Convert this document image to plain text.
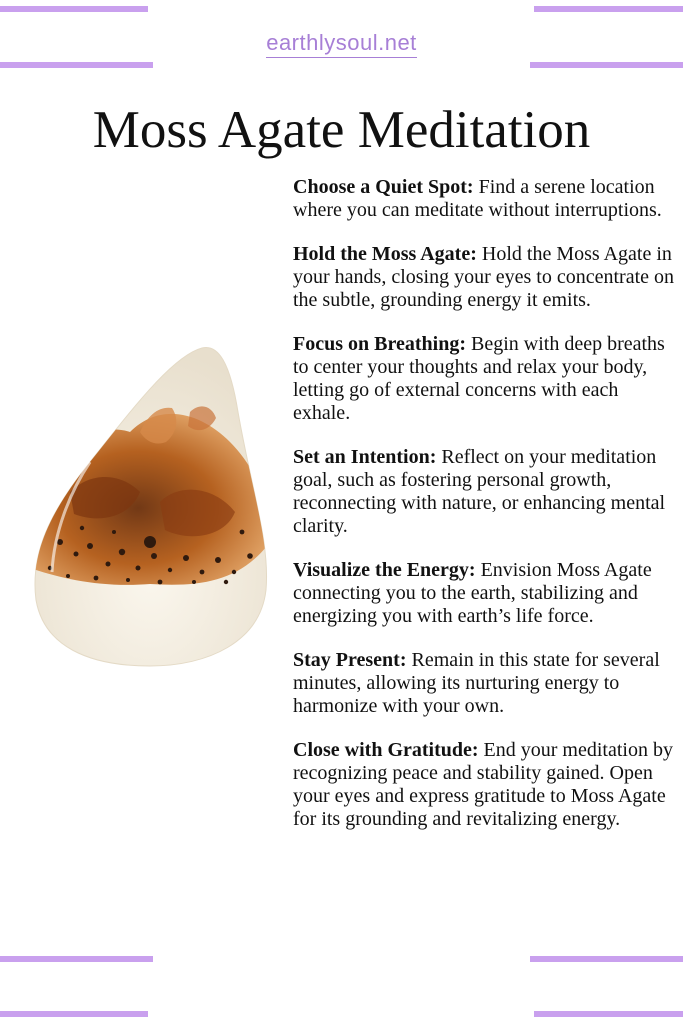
earthlysoul.net
Moss Agate Meditation

Choose a Quiet Spot: Find a serene location where you can meditate without interruptions.

Hold the Moss Agate: Hold the Moss Agate in your hands, closing your eyes to concentrate on the subtle, grounding energy it emits.

Focus on Breathing: Begin with deep breaths to center your thoughts and relax your body, letting go of external concerns with each exhale.

Set an Intention: Reflect on your meditation goal, such as fostering personal growth, reconnecting with nature, or enhancing mental clarity.

Visualize the Energy: Envision Moss Agate connecting you to the earth, stabilizing and energizing you with earth’s life force.

Stay Present: Remain in this state for several minutes, allowing its nurturing energy to harmonize with your own.

Close with Gratitude: End your meditation by recognizing peace and stability gained. Open your eyes and express gratitude to Moss Agate for its grounding and revitalizing energy.
